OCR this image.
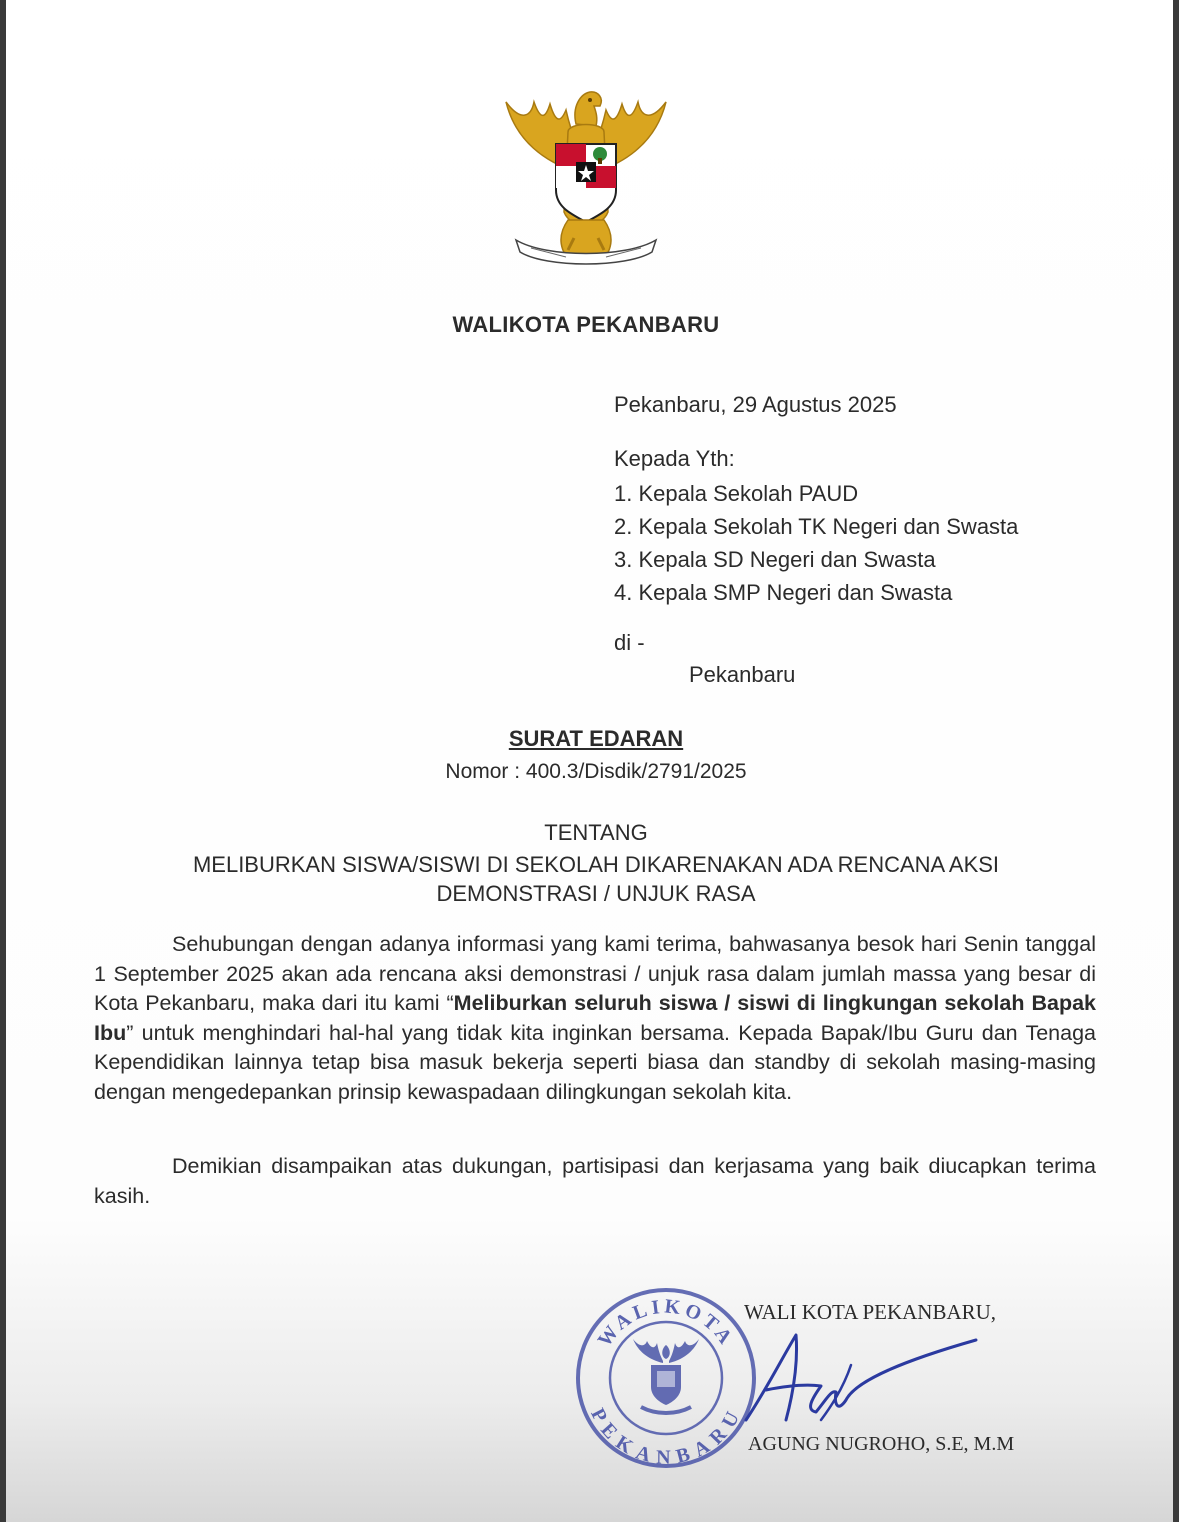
WALIKOTA PEKANBARU
Pekanbaru, 29 Agustus 2025
Kepada Yth:
1. Kepala Sekolah PAUD
2. Kepala Sekolah TK Negeri dan Swasta
3. Kepala SD Negeri dan Swasta
4. Kepala SMP Negeri dan Swasta
di -
Pekanbaru
SURAT EDARAN
Nomor : 400.3/Disdik/2791/2025
TENTANG
MELIBURKAN SISWA/SISWI DI SEKOLAH DIKARENAKAN ADA RENCANA AKSI DEMONSTRASI / UNJUK RASA

Sehubungan dengan adanya informasi yang kami terima, bahwasanya besok hari Senin tanggal 1 September 2025 akan ada rencana aksi demonstrasi / unjuk rasa dalam jumlah massa yang besar di Kota Pekanbaru, maka dari itu kami “Meliburkan seluruh siswa / siswi di lingkungan sekolah Bapak Ibu” untuk menghindari hal-hal yang tidak kita inginkan bersama. Kepada Bapak/Ibu Guru dan Tenaga Kependidikan lainnya tetap bisa masuk bekerja seperti biasa dan standby di sekolah masing-masing dengan mengedepankan prinsip kewaspadaan dilingkungan sekolah kita.

Demikian disampaikan atas dukungan, partisipasi dan kerjasama yang baik diucapkan terima kasih.

WALIKOTA
PEKANBARU
WALI KOTA PEKANBARU,
AGUNG NUGROHO, S.E, M.M
